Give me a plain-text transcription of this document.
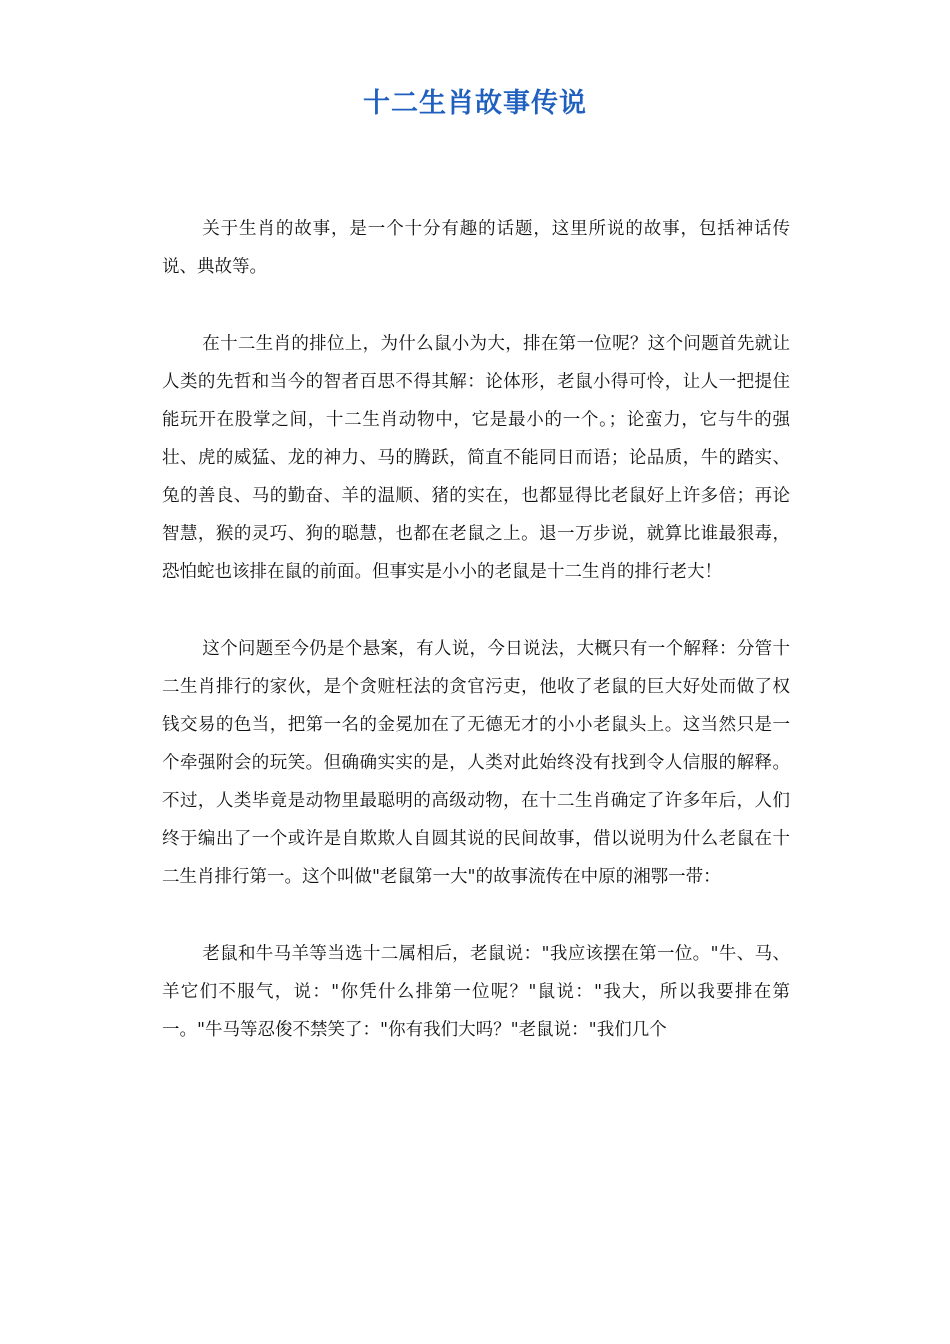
十二生肖故事传说

关于生肖的故事，是一个十分有趣的话题，这里所说的故事，包括神话传说、典故等。

在十二生肖的排位上，为什么鼠小为大，排在第一位呢？这个问题首先就让人类的先哲和当今的智者百思不得其解：论体形，老鼠小得可怜，让人一把提住能玩开在股掌之间，十二生肖动物中，它是最小的一个。；论蛮力，它与牛的强壮、虎的威猛、龙的神力、马的腾跃，简直不能同日而语；论品质，牛的踏实、兔的善良、马的勤奋、羊的温顺、猪的实在，也都显得比老鼠好上许多倍；再论智慧，猴的灵巧、狗的聪慧，也都在老鼠之上。退一万步说，就算比谁最狠毒，恐怕蛇也该排在鼠的前面。但事实是小小的老鼠是十二生肖的排行老大！

这个问题至今仍是个悬案，有人说，今日说法，大概只有一个解释：分管十二生肖排行的家伙，是个贪赃枉法的贪官污吏，他收了老鼠的巨大好处而做了权钱交易的色当，把第一名的金冕加在了无德无才的小小老鼠头上。这当然只是一个牵强附会的玩笑。但确确实实的是，人类对此始终没有找到令人信服的解释。不过，人类毕竟是动物里最聪明的高级动物，在十二生肖确定了许多年后，人们终于编出了一个或许是自欺欺人自圆其说的民间故事，借以说明为什么老鼠在十二生肖排行第一。这个叫做"老鼠第一大"的故事流传在中原的湘鄂一带：

老鼠和牛马羊等当选十二属相后，老鼠说："我应该摆在第一位。"牛、马、羊它们不服气，说："你凭什么排第一位呢？"鼠说："我大，所以我要排在第一。"牛马等忍俊不禁笑了："你有我们大吗？"老鼠说："我们几个
